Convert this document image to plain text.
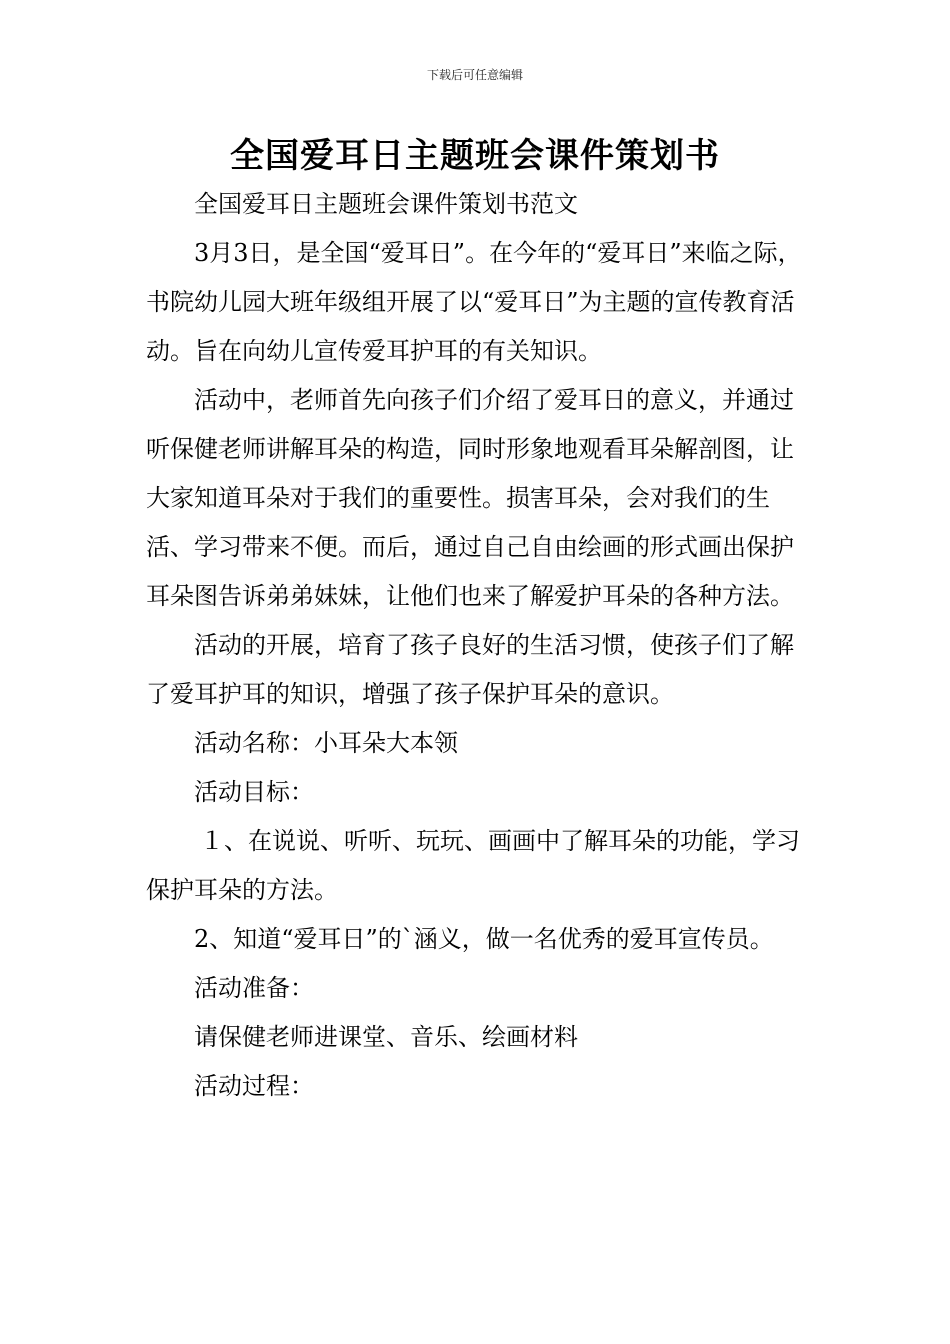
下载后可任意编辑
全国爱耳日主题班会课件策划书

全国爱耳日主题班会课件策划书范文

3月3日，是全国“爱耳日”。在今年的“爱耳日”来临之际，书院幼儿园大班年级组开展了以“爱耳日”为主题的宣传教育活动。旨在向幼儿宣传爱耳护耳的有关知识。

活动中，老师首先向孩子们介绍了爱耳日的意义，并通过听保健老师讲解耳朵的构造，同时形象地观看耳朵解剖图，让大家知道耳朵对于我们的重要性。损害耳朵，会对我们的生活、学习带来不便。而后，通过自己自由绘画的形式画出保护耳朵图告诉弟弟妹妹，让他们也来了解爱护耳朵的各种方法。

活动的开展，培育了孩子良好的生活习惯，使孩子们了解了爱耳护耳的知识，增强了孩子保护耳朵的意识。

活动名称：小耳朵大本领

活动目标：

１、在说说、听听、玩玩、画画中了解耳朵的功能，学习保护耳朵的方法。

2、知道“爱耳日”的`涵义，做一名优秀的爱耳宣传员。

活动准备：

请保健老师进课堂、音乐、绘画材料

活动过程：
